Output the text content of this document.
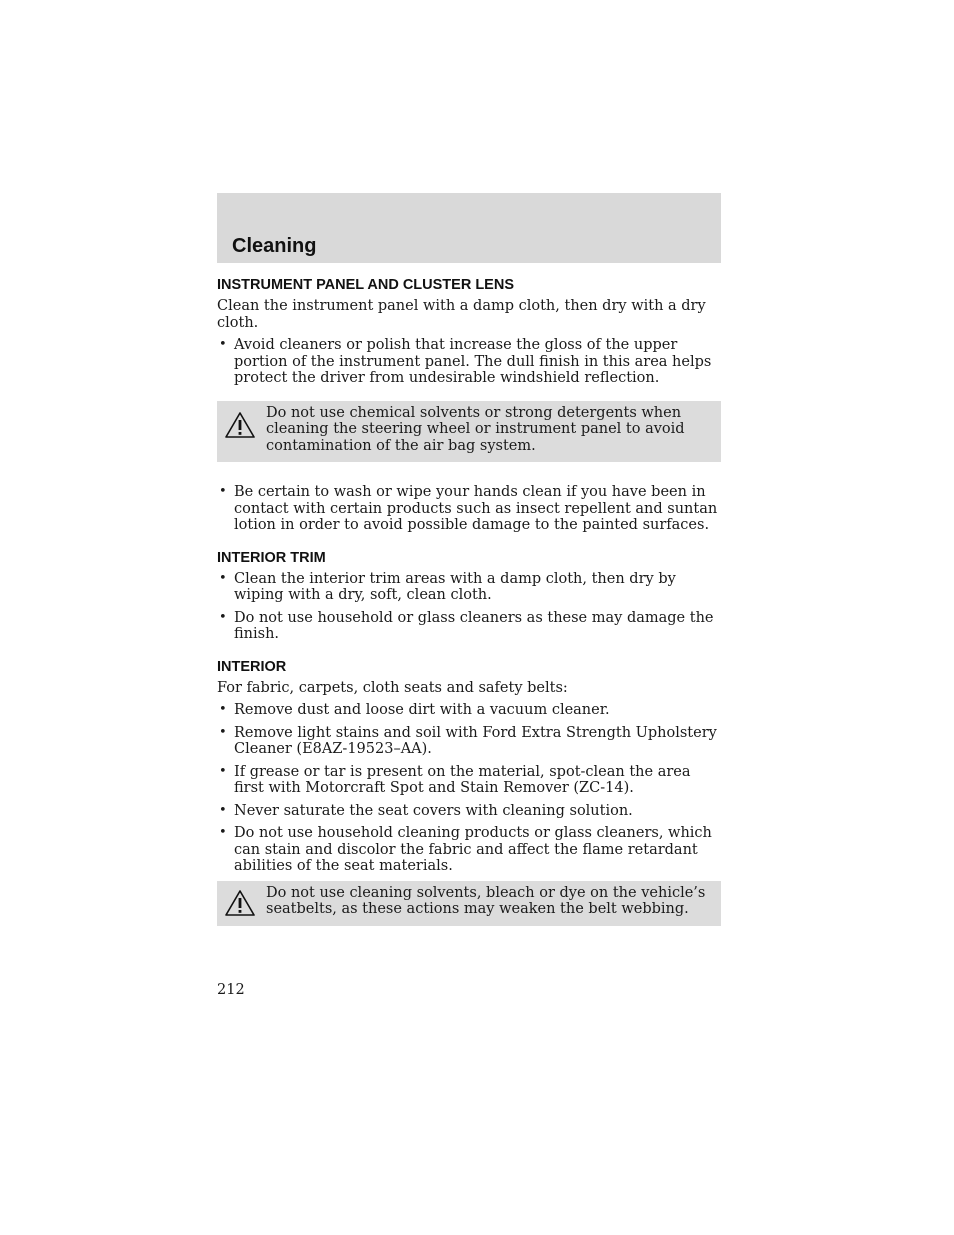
Cleaning
INSTRUMENT PANEL AND CLUSTER LENS
Clean the instrument panel with a damp cloth, then dry with a dry cloth.
• Avoid cleaners or polish that increase the gloss of the upper portion of the instrument panel. The dull finish in this area helps protect the driver from undesirable windshield reflection.
Do not use chemical solvents or strong detergents when cleaning the steering wheel or instrument panel to avoid contamination of the air bag system.
• Be certain to wash or wipe your hands clean if you have been in contact with certain products such as insect repellent and suntan lotion in order to avoid possible damage to the painted surfaces.
INTERIOR TRIM
• Clean the interior trim areas with a damp cloth, then dry by wiping with a dry, soft, clean cloth.
• Do not use household or glass cleaners as these may damage the finish.
INTERIOR
For fabric, carpets, cloth seats and safety belts:
• Remove dust and loose dirt with a vacuum cleaner.
• Remove light stains and soil with Ford Extra Strength Upholstery Cleaner (E8AZ-19523–AA).
• If grease or tar is present on the material, spot-clean the area first with Motorcraft Spot and Stain Remover (ZC-14).
• Never saturate the seat covers with cleaning solution.
• Do not use household cleaning products or glass cleaners, which can stain and discolor the fabric and affect the flame retardant abilities of the seat materials.
Do not use cleaning solvents, bleach or dye on the vehicle’s seatbelts, as these actions may weaken the belt webbing.
212
